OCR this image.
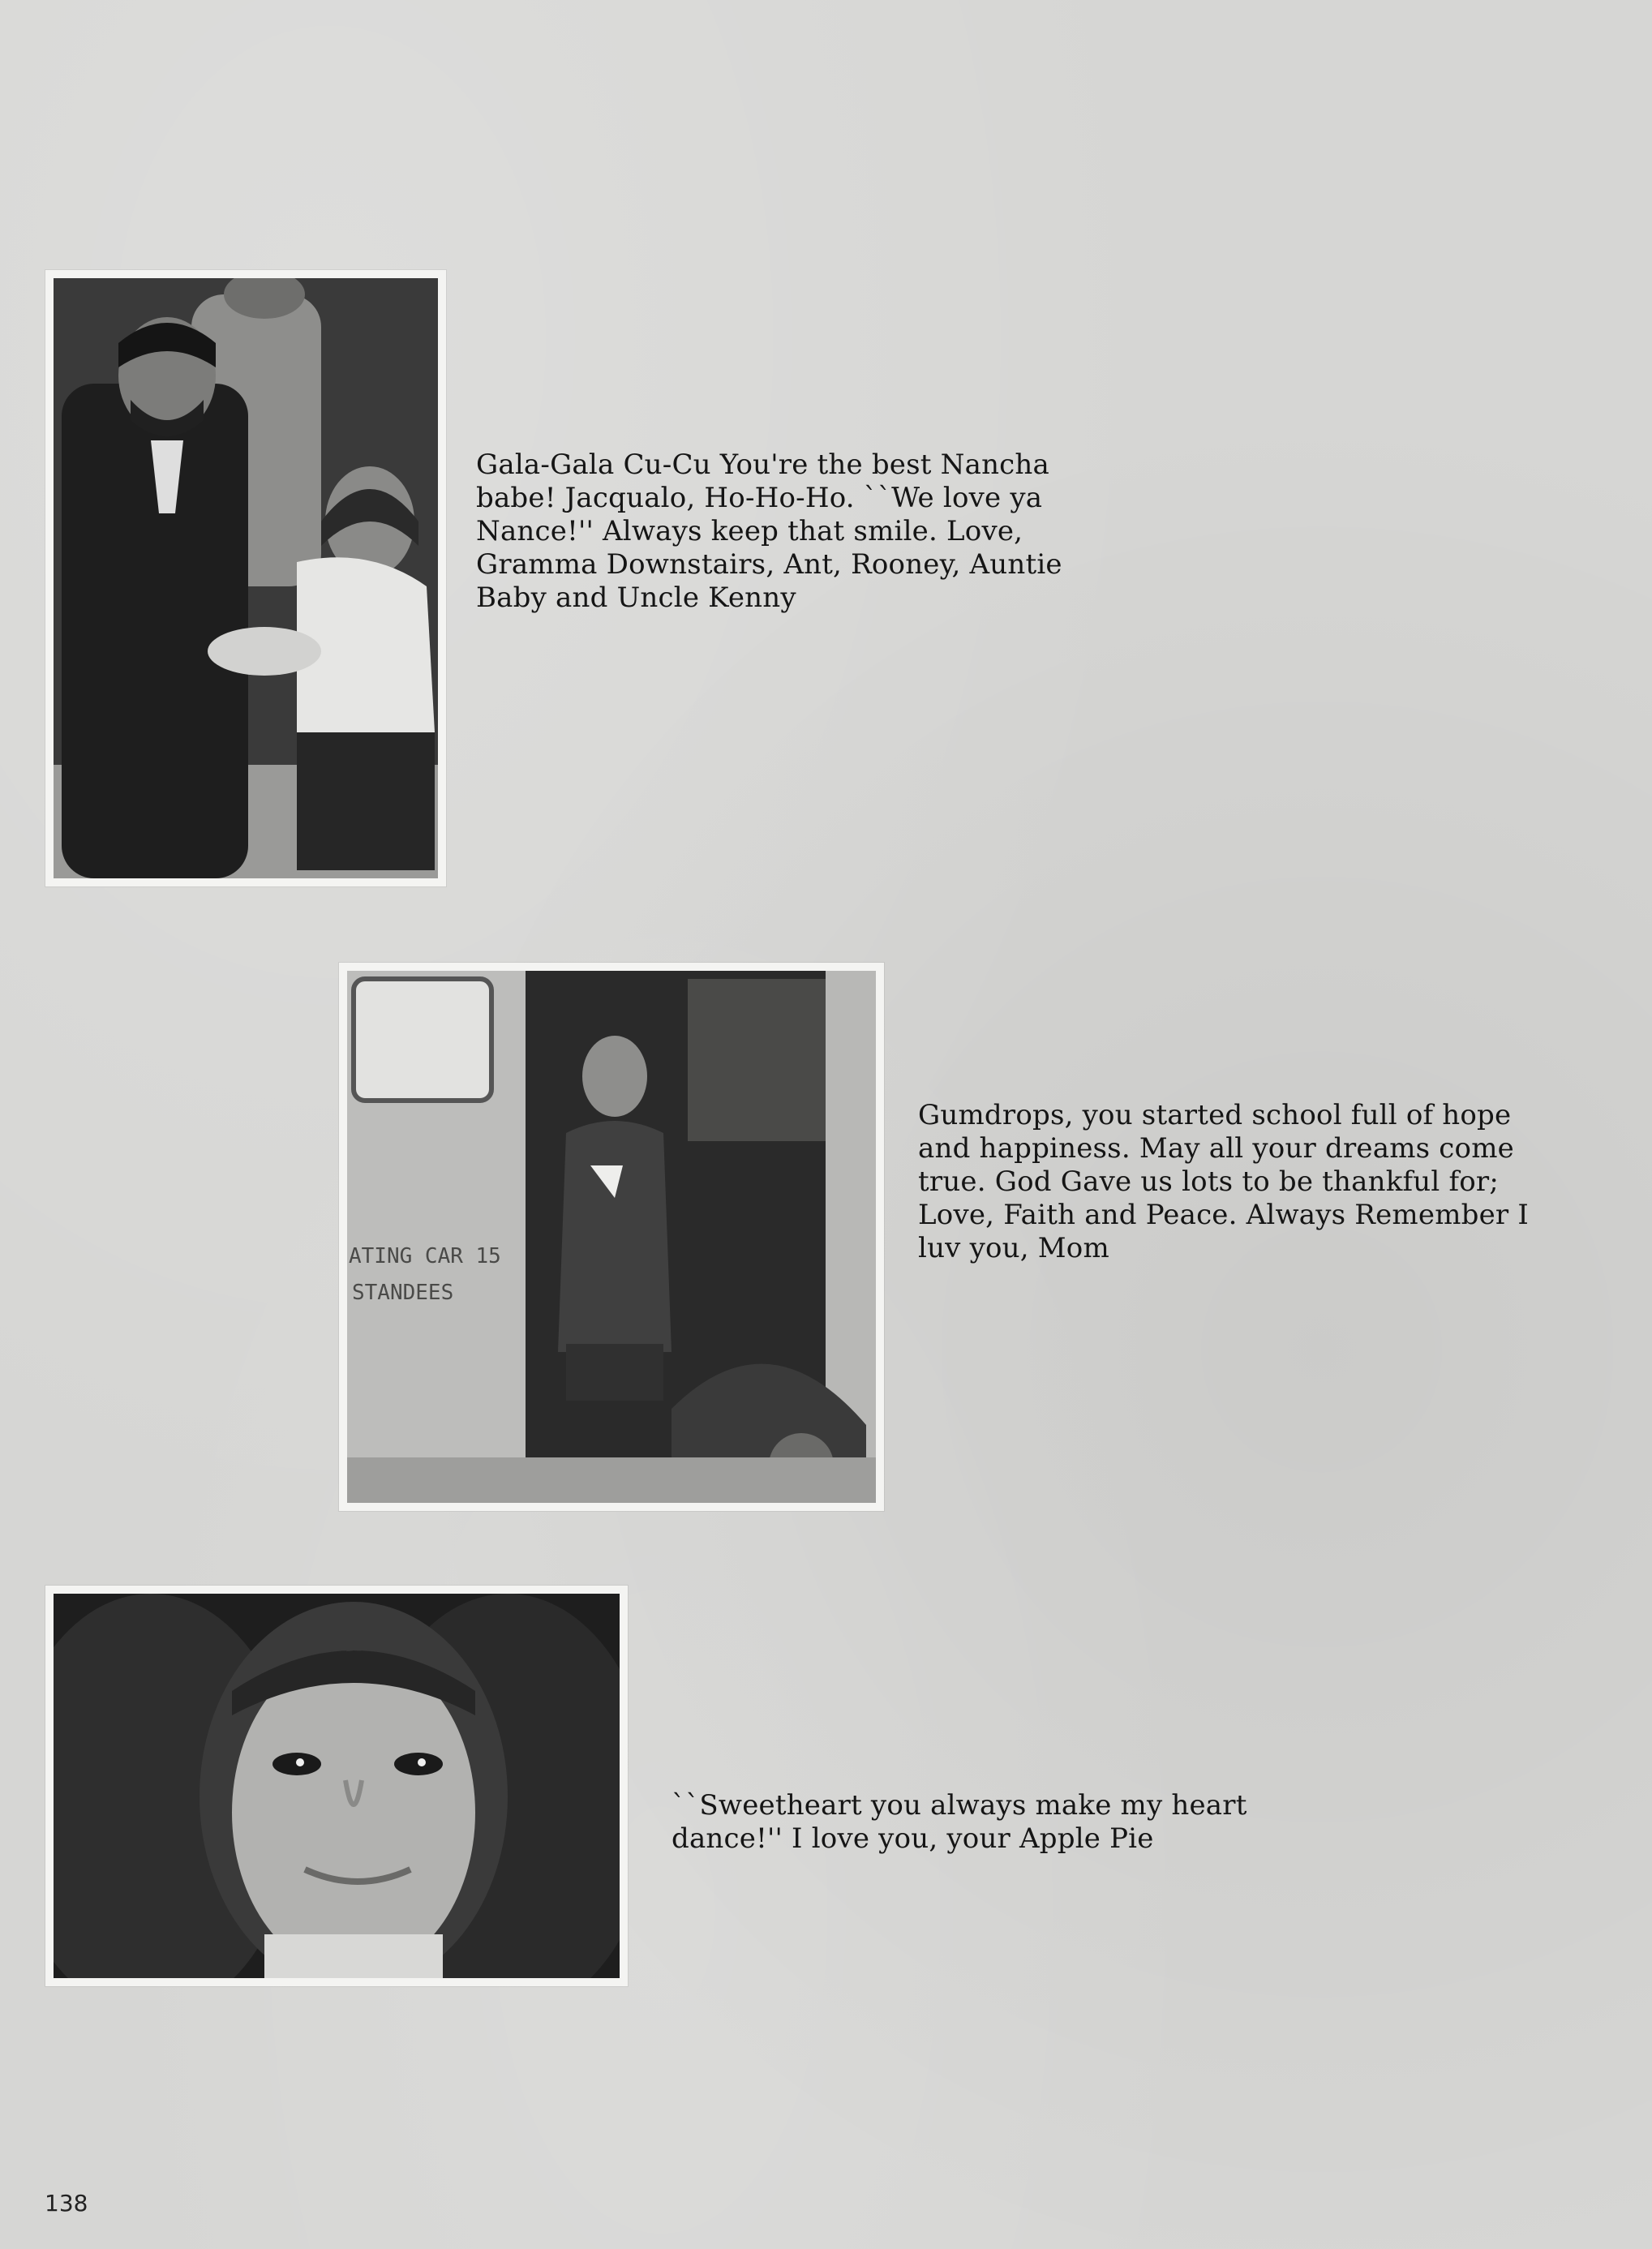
Gala-Gala Cu-Cu You're the best Nancha
babe! Jacqualo, Ho-Ho-Ho. ``We love ya
Nance!'' Always keep that smile. Love,
Gramma Downstairs, Ant, Rooney, Auntie
Baby and Uncle Kenny
ATING CAR 15
STANDEES
Gumdrops, you started school full of hope
and happiness. May all your dreams come
true. God Gave us lots to be thankful for;
Love, Faith and Peace. Always Remember I
luv you, Mom
``Sweetheart you always make my heart
dance!'' I love you, your Apple Pie
138
